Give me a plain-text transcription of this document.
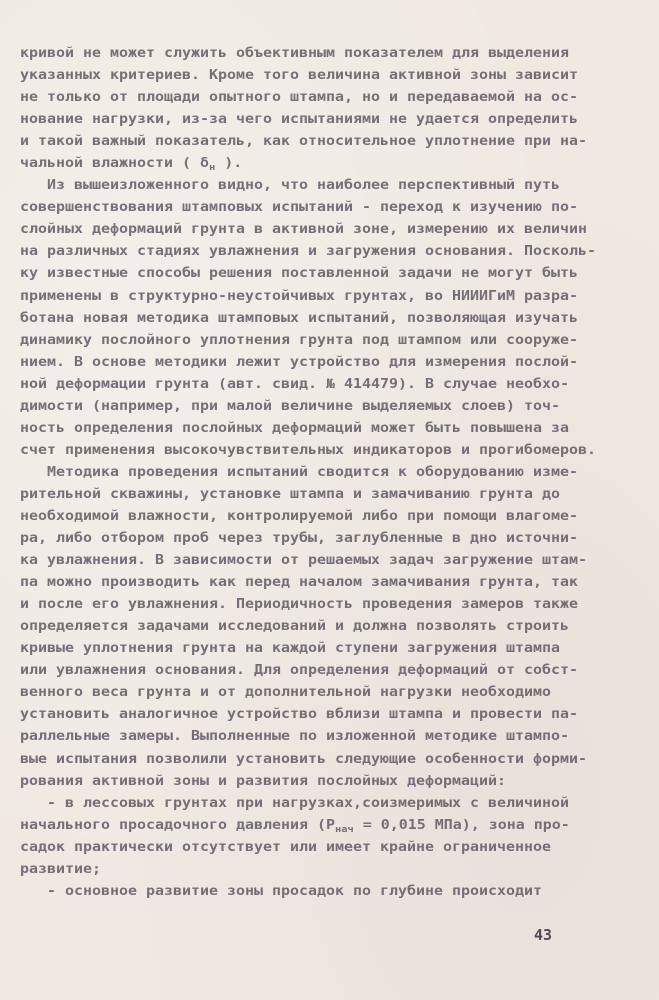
кривой не может служить объективным показателем для выделения
указанных критериев. Кроме того величина активной зоны зависит
не только от площади опытного штампа, но и передаваемой на ос-
нование нагрузки, из-за чего испытаниями не удается определить
и такой важный показатель, как относительное уплотнение при на-
чальной влажности ( $\delta_н$ ).
Из вышеизложенного видно, что наиболее перспективный путь
совершенствования штамповых испытаний - переход к изучению по-
слойных деформаций грунта в активной зоне, измерению их величин
на различных стадиях увлажнения и загружения основания. Посколь-
ку известные способы решения поставленной задачи не могут быть
применены в структурно-неустойчивых грунтах, во НИИИГиМ разра-
ботана новая методика штамповых испытаний, позволяющая изучать
динамику послойного уплотнения грунта под штампом или сооруже-
нием. В основе методики лежит устройство для измерения послой-
ной деформации грунта (авт. свид. № 414479). В случае необхо-
димости (например, при малой величине выделяемых слоев) точ-
ность определения послойных деформаций может быть повышена за
счет применения высокочувствительных индикаторов и прогибомеров.
Методика проведения испытаний сводится к оборудованию изме-
рительной скважины, установке штампа и замачиванию грунта до
необходимой влажности, контролируемой либо при помощи влагоме-
ра, либо отбором проб через трубы, заглубленные в дно источни-
ка увлажнения. В зависимости от решаемых задач загружение штам-
па можно производить как перед началом замачивания грунта, так
и после его увлажнения. Периодичность проведения замеров также
определяется задачами исследований и должна позволять строить
кривые уплотнения грунта на каждой ступени загружения штампа
или увлажнения основания. Для определения деформаций от собст-
венного веса грунта и от дополнительной нагрузки необходимо
установить аналогичное устройство вблизи штампа и провести па-
раллельные замеры. Выполненные по изложенной методике штампо-
вые испытания позволили установить следующие особенности форми-
рования активной зоны и развития послойных деформаций:
- в лессовых грунтах при нагрузках,соизмеримых с величиной
начального просадочного давления ($Р_{нач} = 0,015$ МПа), зона про-
садок практически отсутствует или имеет крайне ограниченное
развитие;
- основное развитие зоны просадок по глубине происходит
43
